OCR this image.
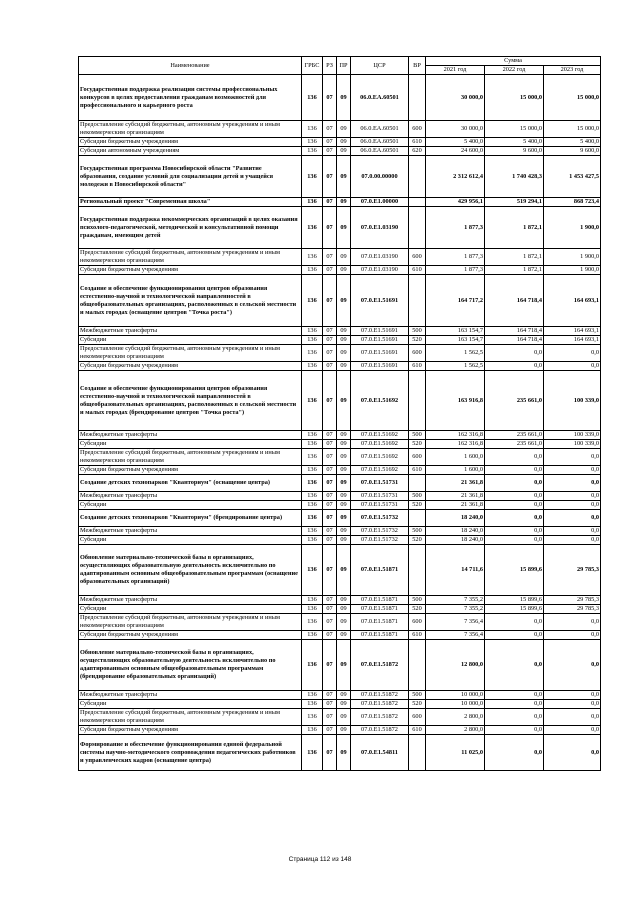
Наименование	ГРБС	РЗ	ПР	ЦСР	ВР	Сумма		
						2021 год	2022 год	2023 год
Государственная поддержка реализации системы профессиональных конкурсов в целях предоставления гражданам возможностей для профессионального и карьерного роста	136	07	09	06.0.EA.60501		30 000,0	15 000,0	15 000,0
Предоставление субсидий бюджетным, автономным учреждениям и иным некоммерческим организациям	136	07	09	06.0.EA.60501	600	30 000,0	15 000,0	15 000,0
Субсидии бюджетным учреждениям	136	07	09	06.0.EA.60501	610	5 400,0	5 400,0	5 400,0
Субсидии автономным учреждениям	136	07	09	06.0.EA.60501	620	24 600,0	9 600,0	9 600,0
Государственная программа Новосибирской области "Развитие образования, создание условий для социализации детей и учащейся молодежи в Новосибирской области"	136	07	09	07.0.00.00000		2 312 612,4	1 740 428,3	1 453 427,5
Региональный проект "Современная школа"	136	07	09	07.0.E1.00000		429 956,1	519 294,1	868 723,4
Государственная поддержка некоммерческих организаций в целях оказания психолого-педагогической, методической и консультативной помощи гражданам, имеющим детей	136	07	09	07.0.E1.03190		1 877,3	1 872,1	1 900,0
Предоставление субсидий бюджетным, автономным учреждениям и иным некоммерческим организациям	136	07	09	07.0.E1.03190	600	1 877,3	1 872,1	1 900,0
Субсидии бюджетным учреждениям	136	07	09	07.0.E1.03190	610	1 877,3	1 872,1	1 900,0
Создание и обеспечение функционирования центров образования естественно-научной и технологической направленностей в общеобразовательных организациях, расположенных в сельской местности и малых городах (оснащение центров "Точка роста")	136	07	09	07.0.E1.51691		164 717,2	164 718,4	164 693,1
Межбюджетные трансферты	136	07	09	07.0.E1.51691	500	163 154,7	164 718,4	164 693,1
Субсидии	136	07	09	07.0.E1.51691	520	163 154,7	164 718,4	164 693,1
Предоставление субсидий бюджетным, автономным учреждениям и иным некоммерческим организациям	136	07	09	07.0.E1.51691	600	1 562,5	0,0	0,0
Субсидии бюджетным учреждениям	136	07	09	07.0.E1.51691	610	1 562,5	0,0	0,0
Создание и обеспечение функционирования центров образования естественно-научной и технологической направленностей в общеобразовательных организациях, расположенных в сельской местности и малых городах (брендирование центров "Точка роста")	136	07	09	07.0.E1.51692		163 916,8	235 661,0	100 339,0
Межбюджетные трансферты	136	07	09	07.0.E1.51692	500	162 316,8	235 661,0	100 339,0
Субсидии	136	07	09	07.0.E1.51692	520	162 316,8	235 661,0	100 339,0
Предоставление субсидий бюджетным, автономным учреждениям и иным некоммерческим организациям	136	07	09	07.0.E1.51692	600	1 600,0	0,0	0,0
Субсидии бюджетным учреждениям	136	07	09	07.0.E1.51692	610	1 600,0	0,0	0,0
Создание детских технопарков "Кванториум" (оснащение центра)	136	07	09	07.0.E1.51731		21 361,8	0,0	0,0
Межбюджетные трансферты	136	07	09	07.0.E1.51731	500	21 361,8	0,0	0,0
Субсидии	136	07	09	07.0.E1.51731	520	21 361,8	0,0	0,0
Создание детских технопарков "Кванториум" (брендирование центра)	136	07	09	07.0.E1.51732		18 240,0	0,0	0,0
Межбюджетные трансферты	136	07	09	07.0.E1.51732	500	18 240,0	0,0	0,0
Субсидии	136	07	09	07.0.E1.51732	520	18 240,0	0,0	0,0
Обновление материально-технической базы в организациях, осуществляющих образовательную деятельность исключительно по адаптированным основным общеобразовательным программам (оснащение образовательных организаций)	136	07	09	07.0.E1.51871		14 711,6	15 899,6	29 785,3
Межбюджетные трансферты	136	07	09	07.0.E1.51871	500	7 355,2	15 899,6	29 785,3
Субсидии	136	07	09	07.0.E1.51871	520	7 355,2	15 899,6	29 785,3
Предоставление субсидий бюджетным, автономным учреждениям и иным некоммерческим организациям	136	07	09	07.0.E1.51871	600	7 356,4	0,0	0,0
Субсидии бюджетным учреждениям	136	07	09	07.0.E1.51871	610	7 356,4	0,0	0,0
Обновление материально-технической базы в организациях, осуществляющих образовательную деятельность исключительно по адаптированным основным общеобразовательным программам (брендирование образовательных организаций)	136	07	09	07.0.E1.51872		12 800,0	0,0	0,0
Межбюджетные трансферты	136	07	09	07.0.E1.51872	500	10 000,0	0,0	0,0
Субсидии	136	07	09	07.0.E1.51872	520	10 000,0	0,0	0,0
Предоставление субсидий бюджетным, автономным учреждениям и иным некоммерческим организациям	136	07	09	07.0.E1.51872	600	2 800,0	0,0	0,0
Субсидии бюджетным учреждениям	136	07	09	07.0.E1.51872	610	2 800,0	0,0	0,0
Формирование и обеспечение функционирования единой федеральной системы научно-методического сопровождения педагогических работников и управленческих кадров (оснащение центра)	136	07	09	07.0.E1.54811		11 025,0	0,0	0,0
Страница 112 из 148
